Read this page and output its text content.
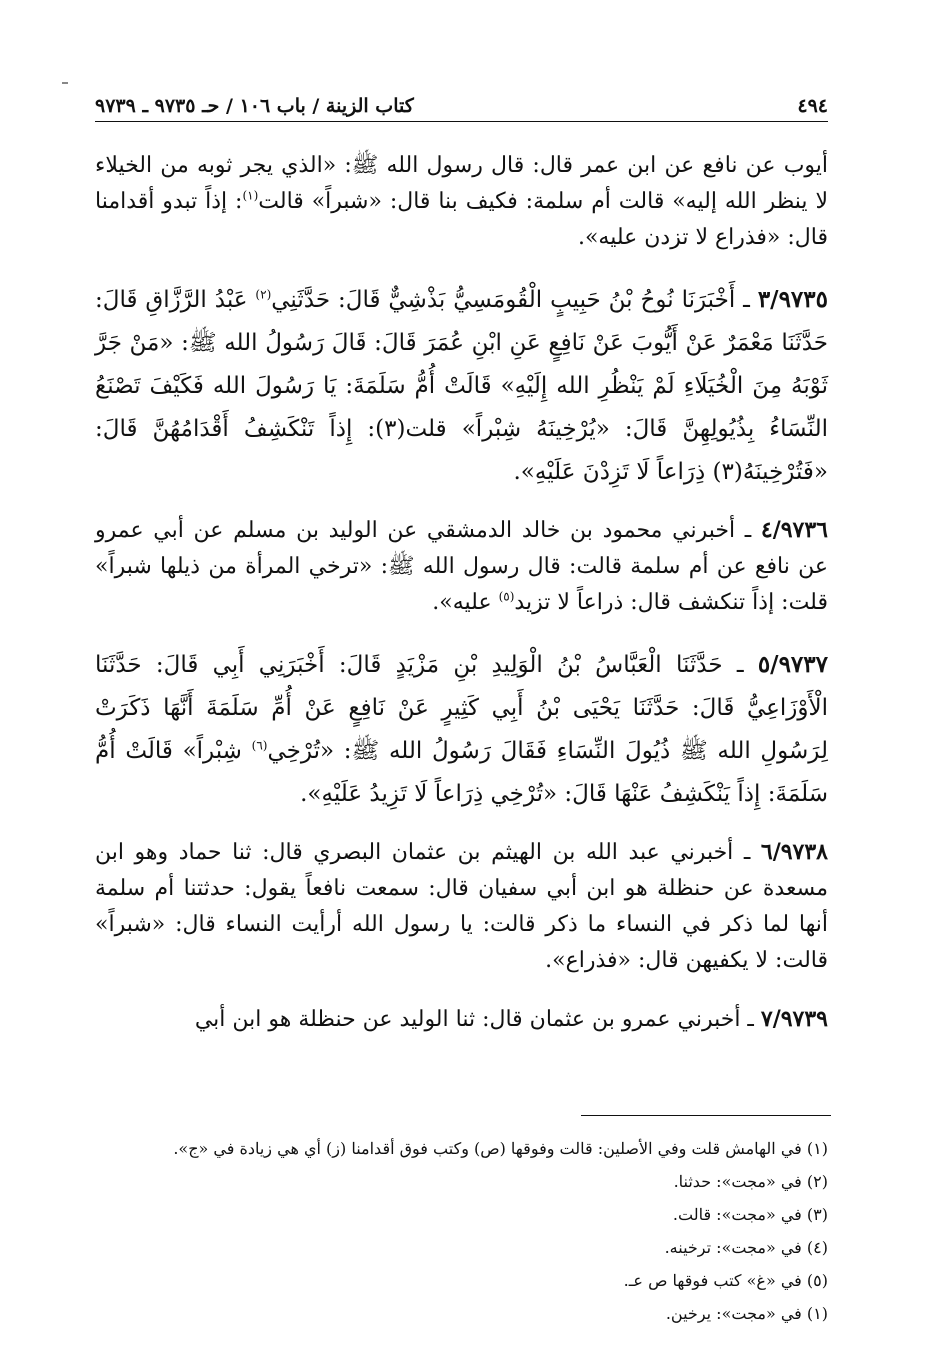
٤٩٤
كتاب الزينة / باب ١٠٦ / حـ ٩٧٣٥ ـ ٩٧٣٩

أيوب عن نافع عن ابن عمر قال: قال رسول الله ﷺ: «الذي يجر ثوبه من الخيلاء لا ينظر الله إليه» قالت أم سلمة: فكيف بنا قال: «شبراً» قالت$^{(١)}$: إذاً تبدو أقدامنا قال: «فذراع لا تزدن عليه».

٣/٩٧٣٥ ـ أَخْبَرَنَا نُوحُ بْنُ حَبِيبٍ الْقُومَسِيُّ بَذْشِيٌّ قَالَ: حَدَّثَنِي$^{(٢)}$ عَبْدُ الرَّزَّاقِ قَالَ: حَدَّثَنَا مَعْمَرٌ عَنْ أَيُّوبَ عَنْ نَافِعٍ عَنِ ابْنِ عُمَرَ قَالَ: قَالَ رَسُولُ الله ﷺ: «مَنْ جَرَّ ثَوْبَهُ مِنَ الْخُيَلَاءِ لَمْ يَنْظُرِ الله إِلَيْهِ» قَالَتْ أُمُّ سَلَمَةَ: يَا رَسُولَ الله فَكَيْفَ تَصْنَعُ النِّسَاءُ بِذُيُولِهِنَّ قَالَ: «يُرْخِينَهُ شِبْراً» قلت(٣): إِذاً تَنْكَشِفُ أَقْدَامُهُنَّ قَالَ: «فَتُرْخِينَهُ(٣) ذِرَاعاً لَا تَزِدْنَ عَلَيْهِ».

٤/٩٧٣٦ ـ أخبرني محمود بن خالد الدمشقي عن الوليد بن مسلم عن أبي عمرو عن نافع عن أم سلمة قالت: قال رسول الله ﷺ: «ترخي المرأة من ذيلها شبراً» قلت: إذاً تنكشف قال: ذراعاً لا تزيد$^{(٥)}$ عليه».

٥/٩٧٣٧ ـ حَدَّثَنَا الْعَبَّاسُ بْنُ الْوَلِيدِ بْنِ مَزْيَدٍ قَالَ: أَخْبَرَنِي أَبِي قَالَ: حَدَّثَنَا الْأَوْزَاعِيُّ قَالَ: حَدَّثَنَا يَحْيَى بْنُ أَبِي كَثِيرٍ عَنْ نَافِعٍ عَنْ أُمِّ سَلَمَةَ أَنَّهَا ذَكَرَتْ لِرَسُولِ الله ﷺ ذُيُولَ النِّسَاءِ فَقَالَ رَسُولُ الله ﷺ: «تُرْخِي$^{(٦)}$ شِبْراً» قَالَتْ أُمُّ سَلَمَةَ: إِذاً يَنْكَشِفُ عَنْهَا قَالَ: «تُرْخِي ذِرَاعاً لَا تَزِيدُ عَلَيْهِ».

٦/٩٧٣٨ ـ أخبرني عبد الله بن الهيثم بن عثمان البصري قال: ثنا حماد وهو ابن مسعدة عن حنظلة هو ابن أبي سفيان قال: سمعت نافعاً يقول: حدثتنا أم سلمة أنها لما ذكر في النساء ما ذكر قالت: يا رسول الله أرأيت النساء قال: «شبراً» قالت: لا يكفيهن قال: «فذراع».

٧/٩٧٣٩ ـ أخبرني عمرو بن عثمان قال: ثنا الوليد عن حنظلة هو ابن أبي

(١) في الهامش قلت وفي الأصلين: قالت وفوقها (ص) وكتب فوق أقدامنا (ز) أي هي زيادة في «ج».
(٢) في «مجت»: حدثنا.
(٣) في «مجت»: قالت.
(٤) في «مجت»: ترخينه.
(٥) في «غ» كتب فوقها ص عـ.
(١) في «مجت»: يرخين.
